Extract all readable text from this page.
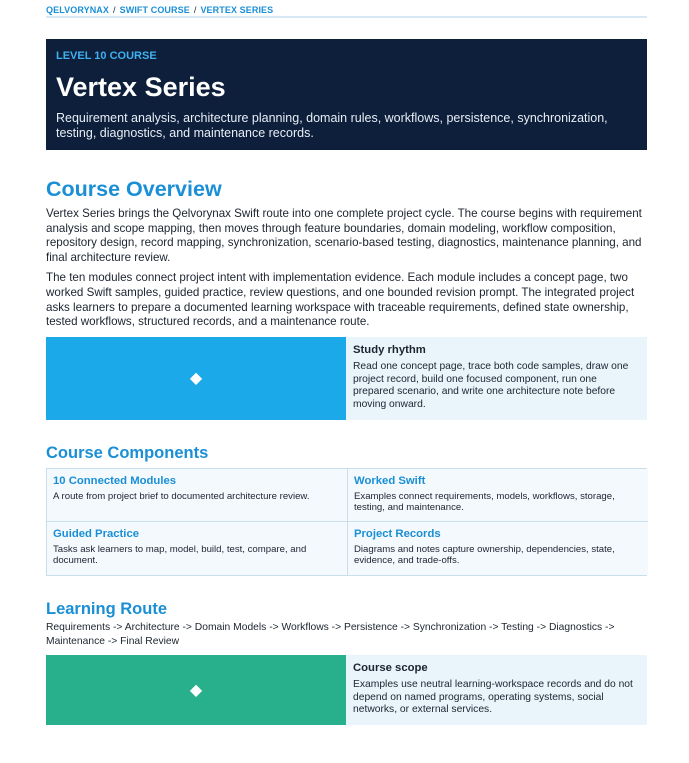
QELVORYNAX / SWIFT COURSE / VERTEX SERIES
LEVEL 10 COURSE
Vertex Series

Requirement analysis, architecture planning, domain rules, workflows, persistence, synchronization, testing, diagnostics, and maintenance records.

Course Overview

Vertex Series brings the Qelvorynax Swift route into one complete project cycle. The course begins with requirement analysis and scope mapping, then moves through feature boundaries, domain modeling, workflow composition, repository design, record mapping, synchronization, scenario-based testing, diagnostics, maintenance planning, and final architecture review.

The ten modules connect project intent with implementation evidence. Each module includes a concept page, two worked Swift samples, guided practice, review questions, and one bounded revision prompt. The integrated project asks learners to prepare a documented learning workspace with traceable requirements, defined state ownership, tested workflows, structured records, and a maintenance route.

◆
Study rhythm
Read one concept page, trace both code samples, draw one project record, build one focused component, run one prepared scenario, and write one architecture note before moving onward.
Course Components
10 Connected Modules
A route from project brief to documented architecture review.
Worked Swift
Examples connect requirements, models, workflows, storage, testing, and maintenance.
Guided Practice
Tasks ask learners to map, model, build, test, compare, and document.
Project Records
Diagrams and notes capture ownership, dependencies, state, evidence, and trade-offs.
Learning Route

Requirements -> Architecture -> Domain Models -> Workflows -> Persistence -> Synchronization -> Testing -> Diagnostics -> Maintenance -> Final Review

◆
Course scope
Examples use neutral learning-workspace records and do not depend on named programs, operating systems, social networks, or external services.
